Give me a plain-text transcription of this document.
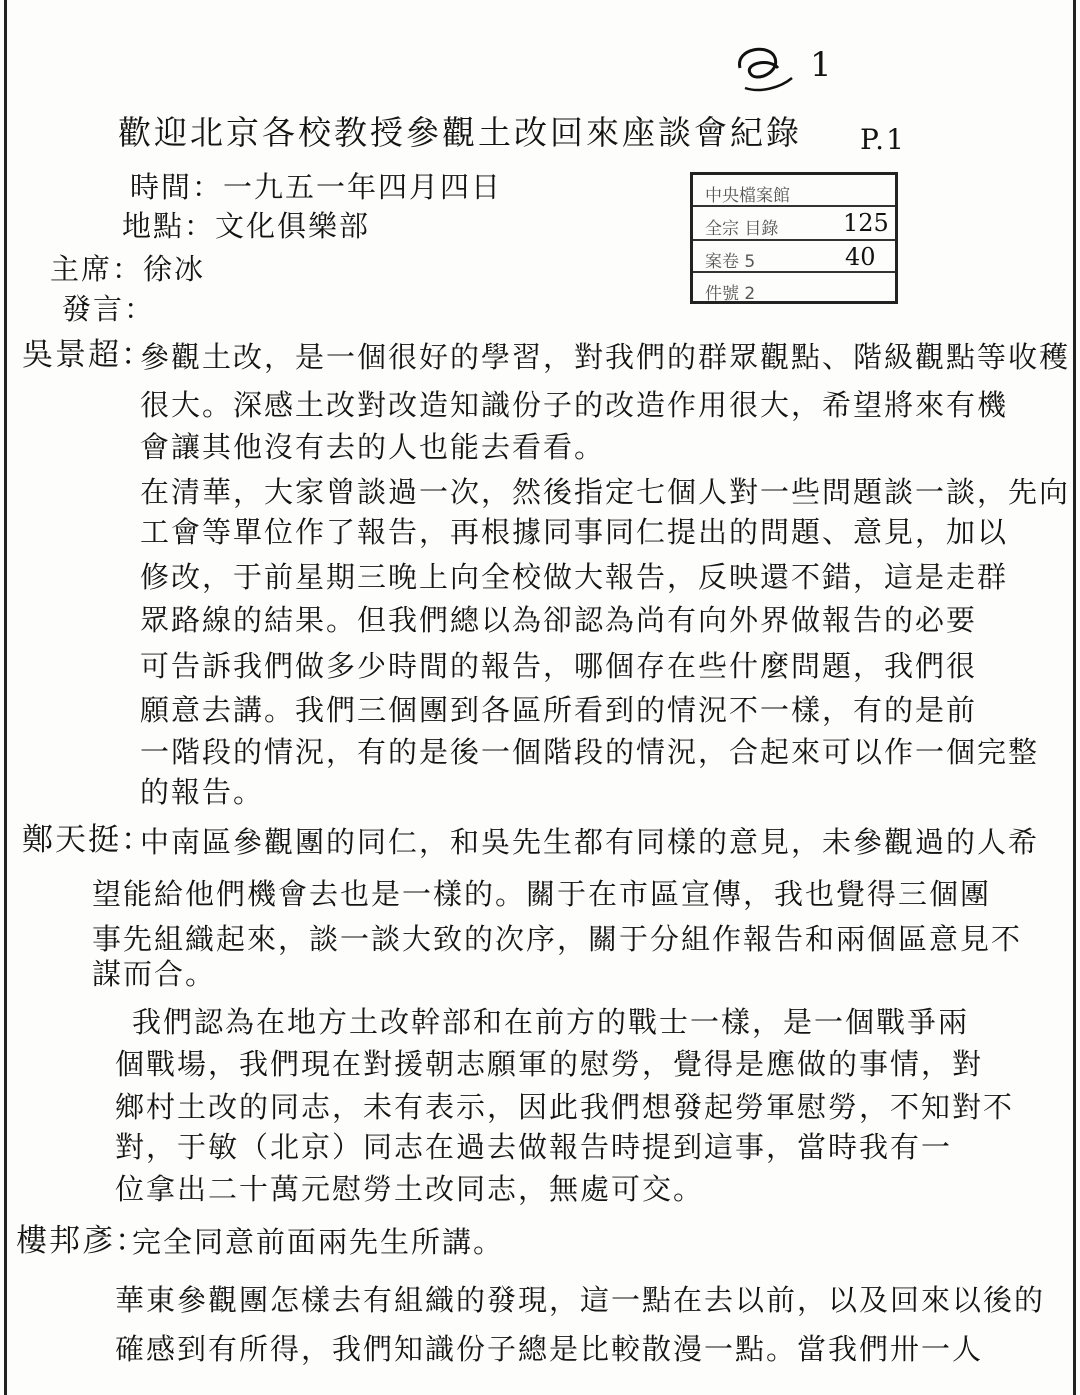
1
歡迎北京各校教授參觀土改回來座談會紀錄 P.1
時間：一九五一年四月四日
地點：文化俱樂部
主席：徐冰
發言：
中央檔案館
全宗 目錄
案卷 5
件號 2
125
40
吳景超：
參觀土改，是一個很好的學習，對我們的群眾觀點、階級觀點等收穫
很大。深感土改對改造知識份子的改造作用很大，希望將來有機
會讓其他沒有去的人也能去看看。
在清華，大家曾談過一次，然後指定七個人對一些問題談一談，先向
工會等單位作了報告，再根據同事同仁提出的問題、意見，加以
修改，于前星期三晚上向全校做大報告，反映還不錯，這是走群
眾路線的結果。但我們總以為卻認為尚有向外界做報告的必要
可告訴我們做多少時間的報告，哪個存在些什麼問題，我們很
願意去講。我們三個團到各區所看到的情況不一樣，有的是前
一階段的情況，有的是後一個階段的情況，合起來可以作一個完整
的報告。
鄭天挺：
中南區參觀團的同仁，和吳先生都有同樣的意見，未參觀過的人希
望能給他們機會去也是一樣的。關于在市區宣傳，我也覺得三個團
事先組織起來，談一談大致的次序，關于分組作報告和兩個區意見不
謀而合。
我們認為在地方土改幹部和在前方的戰士一樣，是一個戰爭兩
個戰場，我們現在對援朝志願軍的慰勞，覺得是應做的事情，對
鄉村土改的同志，未有表示，因此我們想發起勞軍慰勞，不知對不
對，于敏（北京）同志在過去做報告時提到這事，當時我有一
位拿出二十萬元慰勞土改同志，無處可交。
樓邦彥：
完全同意前面兩先生所講。
華東參觀團怎樣去有組織的發現，這一點在去以前，以及回來以後的
確感到有所得，我們知識份子總是比較散漫一點。當我們卅一人
